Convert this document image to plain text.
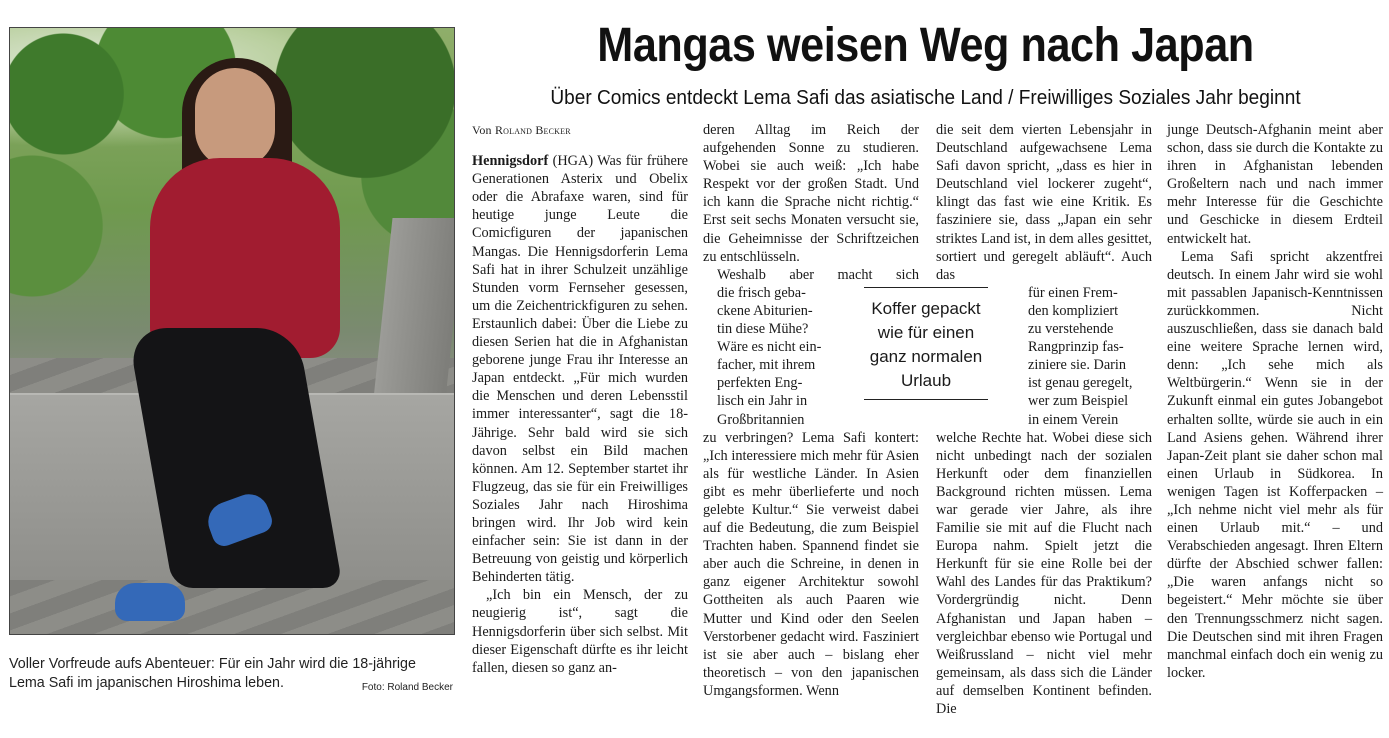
Voller Vorfreude aufs Abenteuer: Für ein Jahr wird die 18-jährige Lema Safi im japanischen Hiroshima leben.	Foto: Roland Becker
Mangas weisen Weg nach Japan
Über Comics entdeckt Lema Safi das asiatische Land / Freiwilliges Soziales Jahr beginnt

Von Roland Becker

Hennigsdorf (HGA) Was für frühere Generationen Asterix und Obelix oder die Abrafaxe waren, sind für heutige junge Leute die Comicfiguren der japanischen Mangas. Die Hennigsdorferin Lema Safi hat in ihrer Schulzeit unzählige Stunden vorm Fernseher gesessen, um die Zeichentrickfiguren zu sehen. Erstaunlich dabei: Über die Liebe zu diesen Serien hat die in Afghanistan geborene junge Frau ihr Interesse an Japan entdeckt. „Für mich wurden die Menschen und deren Lebensstil immer interessanter“, sagt die 18-Jährige. Sehr bald wird sie sich davon selbst ein Bild machen können. Am 12. September startet ihr Flugzeug, das sie für ein Freiwilliges Soziales Jahr nach Hiroshima bringen wird. Ihr Job wird kein einfacher sein: Sie ist dann in der Betreuung von geistig und körperlich Behinderten tätig.

„Ich bin ein Mensch, der zu neugierig ist“, sagt die Hennigsdorferin über sich selbst. Mit dieser Eigenschaft dürfte es ihr leicht fallen, diesen so ganz an-

deren Alltag im Reich der aufgehenden Sonne zu studieren. Wobei sie auch weiß: „Ich habe Respekt vor der großen Stadt. Und ich kann die Sprache nicht richtig.“ Erst seit sechs Monaten versucht sie, die Geheimnisse der Schriftzeichen zu entschlüsseln.

Weshalb aber macht sich
die frisch geba-
ckene Abiturien-
tin diese Mühe?
Wäre es nicht ein-
facher, mit ihrem
perfekten Eng-
lisch ein Jahr in
Großbritannien
zu verbringen? Lema Safi kontert: „Ich interessiere mich mehr für Asien als für westliche Länder. In Asien gibt es mehr überlieferte und noch gelebte Kultur.“ Sie verweist dabei auf die Bedeutung, die zum Beispiel Trachten haben. Spannend findet sie aber auch die Schreine, in denen in ganz eigener Architektur sowohl Gottheiten als auch Paaren wie Mutter und Kind oder den Seelen Verstorbener gedacht wird. Fasziniert ist sie aber auch – bislang eher theoretisch – von den japanischen Umgangsformen. Wenn

Koffer gepackt wie für einen ganz normalen Urlaub

die seit dem vierten Lebensjahr in Deutschland aufgewachsene Lema Safi davon spricht, „dass es hier in Deutschland viel lockerer zugeht“, klingt das fast wie eine Kritik. Es fasziniere sie, dass „Japan ein sehr striktes Land ist, in dem alles gesittet, sortiert und geregelt abläuft“. Auch das
für einen Frem-
den kompliziert
zu verstehende
Rangprinzip fas-
ziniere sie. Darin
ist genau geregelt,
wer zum Beispiel
in einem Verein
welche Rechte hat. Wobei diese sich nicht unbedingt nach der sozialen Herkunft oder dem finanziellen Background richten müssen. Lema war gerade vier Jahre, als ihre Familie sie mit auf die Flucht nach Europa nahm. Spielt jetzt die Herkunft für sie eine Rolle bei der Wahl des Landes für das Praktikum? Vordergründig nicht. Denn Afghanistan und Japan haben – vergleichbar ebenso wie Portugal und Weißrussland – nicht viel mehr gemeinsam, als dass sich die Länder auf demselben Kontinent befinden. Die

junge Deutsch-Afghanin meint aber schon, dass sie durch die Kontakte zu ihren in Afghanistan lebenden Großeltern nach und nach immer mehr Interesse für die Geschichte und Geschicke in diesem Erdteil entwickelt hat.

Lema Safi spricht akzentfrei deutsch. In einem Jahr wird sie wohl mit passablen Japanisch-Kenntnissen zurückkommen. Nicht auszuschließen, dass sie danach bald eine weitere Sprache lernen wird, denn: „Ich sehe mich als Weltbürgerin.“ Wenn sie in der Zukunft einmal ein gutes Jobangebot erhalten sollte, würde sie auch in ein Land Asiens gehen. Während ihrer Japan-Zeit plant sie daher schon mal einen Urlaub in Südkorea. In wenigen Tagen ist Kofferpacken – „Ich nehme nicht viel mehr als für einen Urlaub mit.“ – und Verabschieden angesagt. Ihren Eltern dürfte der Abschied schwer fallen: „Die waren anfangs nicht so begeistert.“ Mehr möchte sie über den Trennungsschmerz nicht sagen. Die Deutschen sind mit ihren Fragen manchmal einfach doch ein wenig zu locker.
